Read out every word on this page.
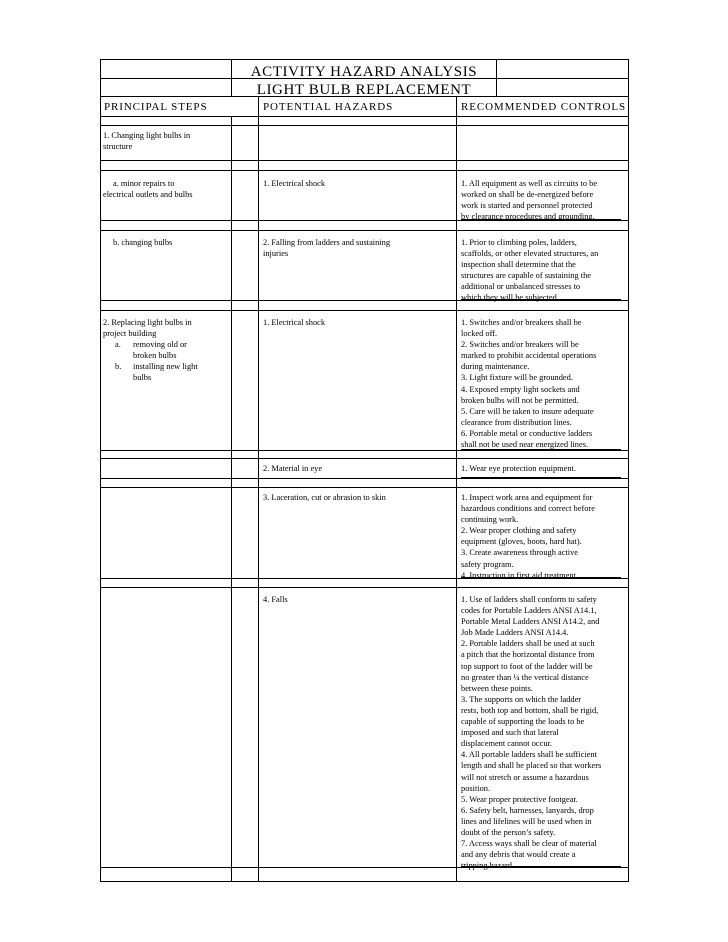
ACTIVITY HAZARD ANALYSIS
LIGHT BULB REPLACEMENT
PRINCIPAL STEPS	POTENTIAL HAZARDS	RECOMMENDED CONTROLS
1. Changing light bulbs in
structure
a. minor repairs to
electrical outlets and bulbs
1. Electrical shock	1. All equipment as well as circuits to be
worked on shall be de-energized before
work is started and personnel protected
by clearance procedures and grounding.
b. changing bulbs	2. Falling from ladders and sustaining
injuries
1. Prior to climbing poles, ladders,
scaffolds, or other elevated structures, an
inspection shall determine that the
structures are capable of sustaining the
additional or unbalanced stresses to
which they will be subjected.
2. Replacing light bulbs in
project building
a. removing old or
broken bulbs
b. installing new light
bulbs
1. Electrical shock	1. Switches and/or breakers shall be
locked off.
2. Switches and/or breakers will be
marked to prohibit accidental operations
during maintenance.
3. Light fixture will be grounded.
4. Exposed empty light sockets and
broken bulbs will not be permitted.
5. Care will be taken to insure adequate
clearance from distribution lines.
6. Portable metal or conductive ladders
shall not be used near energized lines.
2. Material in eye	1. Wear eye protection equipment.
3. Laceration, cut or abrasion to skin	1. Inspect work area and equipment for
hazardous conditions and correct before
continuing work.
2. Wear proper clothing and safety
equipment (gloves, boots, hard hat).
3. Create awareness through active
safety program.
4. Instruction in first aid treatment.
4. Falls	1. Use of ladders shall conform to safety
codes for Portable Ladders ANSI A14.1,
Portable Metal Ladders ANSI A14.2, and
Job Made Ladders ANSI A14.4.
2. Portable ladders shall be used at such
a pitch that the horizontal distance from
top support to foot of the ladder will be
no greater than ¼ the vertical distance
between these points.
3. The supports on which the ladder
rests, both top and bottom, shall be rigid,
capable of supporting the loads to be
imposed and such that lateral
displacement cannot occur.
4. All portable ladders shall be sufficient
length and shall be placed so that workers
will not stretch or assume a hazardous
position.
5. Wear proper protective footgear.
6. Safety belt, harnesses, lanyards, drop
lines and lifelines will be used when in
doubt of the person’s safety.
7. Access ways shall be clear of material
and any debris that would create a
tripping hazard.
